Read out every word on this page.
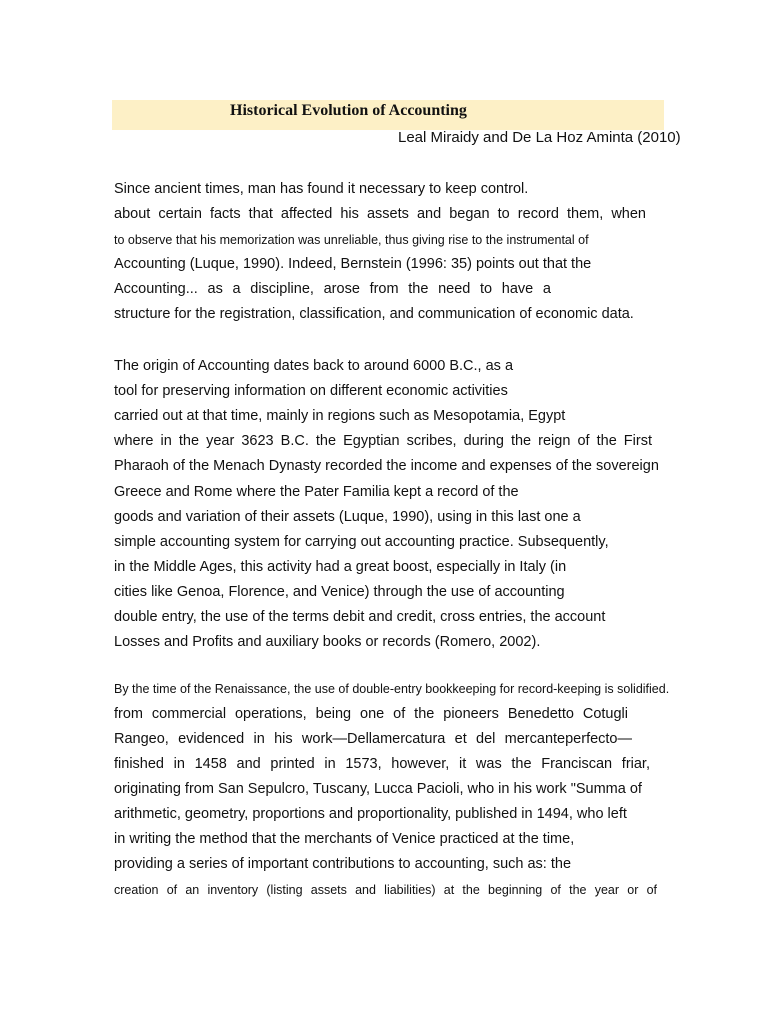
Historical Evolution of Accounting
Leal Miraidy and De La Hoz Aminta (2010)
Since ancient times, man has found it necessary to keep control.
about certain facts that affected his assets and began to record them, when
to observe that his memorization was unreliable, thus giving rise to the instrumental of
Accounting (Luque, 1990). Indeed, Bernstein (1996: 35) points out that the
Accounting... as a discipline, arose from the need to have a
structure for the registration, classification, and communication of economic data.
The origin of Accounting dates back to around 6000 B.C., as a
tool for preserving information on different economic activities
carried out at that time, mainly in regions such as Mesopotamia, Egypt
where in the year 3623 B.C. the Egyptian scribes, during the reign of the First
Pharaoh of the Menach Dynasty recorded the income and expenses of the sovereign
Greece and Rome where the Pater Familia kept a record of the
goods and variation of their assets (Luque, 1990), using in this last one a
simple accounting system for carrying out accounting practice. Subsequently,
in the Middle Ages, this activity had a great boost, especially in Italy (in
cities like Genoa, Florence, and Venice) through the use of accounting
double entry, the use of the terms debit and credit, cross entries, the account
Losses and Profits and auxiliary books or records (Romero, 2002).
By the time of the Renaissance, the use of double-entry bookkeeping for record-keeping is solidified.
from commercial operations, being one of the pioneers Benedetto Cotugli
Rangeo, evidenced in his work—Dellamercatura et del mercanteperfecto—
finished in 1458 and printed in 1573, however, it was the Franciscan friar,
originating from San Sepulcro, Tuscany, Lucca Pacioli, who in his work "Summa of
arithmetic, geometry, proportions and proportionality, published in 1494, who left
in writing the method that the merchants of Venice practiced at the time,
providing a series of important contributions to accounting, such as: the
creation of an inventory (listing assets and liabilities) at the beginning of the year or of
